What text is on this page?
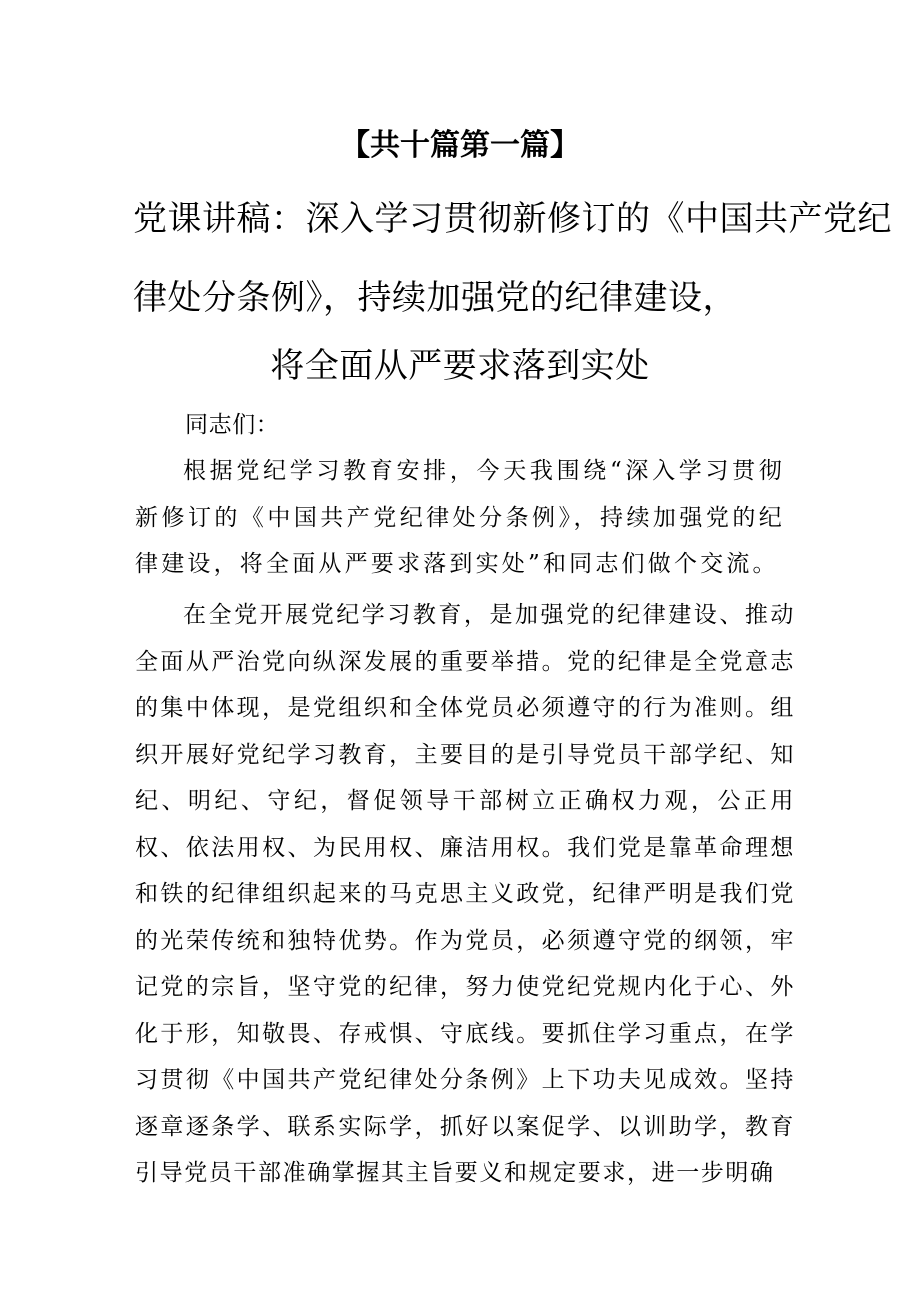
【共十篇第一篇】
党课讲稿：深入学习贯彻新修订的《中国共产党纪
律处分条例》，持续加强党的纪律建设，
将全面从严要求落到实处
同志们：

根据党纪学习教育安排，今天我围绕“深入学习贯彻新修订的《中国共产党纪律处分条例》，持续加强党的纪律建设，将全面从严要求落到实处”和同志们做个交流。

在全党开展党纪学习教育，是加强党的纪律建设、推动全面从严治党向纵深发展的重要举措。党的纪律是全党意志的集中体现，是党组织和全体党员必须遵守的行为准则。组织开展好党纪学习教育，主要目的是引导党员干部学纪、知纪、明纪、守纪，督促领导干部树立正确权力观，公正用权、依法用权、为民用权、廉洁用权。我们党是靠革命理想和铁的纪律组织起来的马克思主义政党，纪律严明是我们党的光荣传统和独特优势。作为党员，必须遵守党的纲领，牢记党的宗旨，坚守党的纪律，努力使党纪党规内化于心、外化于形，知敬畏、存戒惧、守底线。要抓住学习重点，在学习贯彻《中国共产党纪律处分条例》上下功夫见成效。坚持逐章逐条学、联系实际学，抓好以案促学、以训助学，教育引导党员干部准确掌握其主旨要义和规定要求，进一步明确
